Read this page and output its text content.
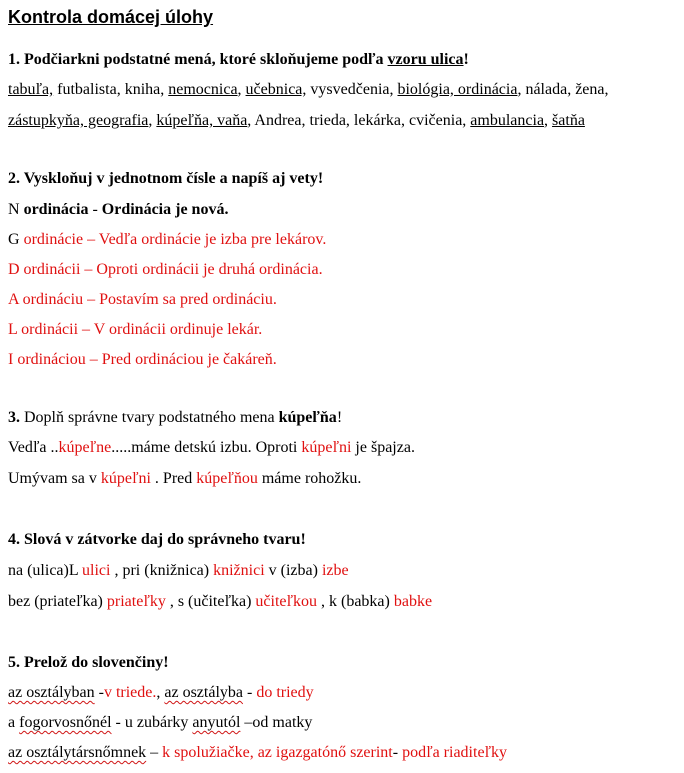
Kontrola domácej úlohy
1. Podčiarkni podstatné mená, ktoré skloňujeme podľa vzoru ulica!
tabuľa, futbalista, kniha, nemocnica, učebnica, vysvedčenia, biológia, ordinácia, nálada, žena,
zástupkyňa, geografia, kúpeľňa, vaňa, Andrea, trieda, lekárka, cvičenia, ambulancia, šatňa
2. Vyskloňuj v jednotnom čísle a napíš aj vety!
N ordinácia - Ordinácia je nová.
G ordinácie – Vedľa ordinácie je izba pre lekárov.
D ordinácii – Oproti ordinácii je druhá ordinácia.
A ordináciu – Postavím sa pred ordináciu.
L ordinácii – V ordinácii ordinuje lekár.
I ordináciou – Pred ordináciou je čakáreň.
3. Doplň správne tvary podstatného mena kúpeľňa!
Vedľa ..kúpeľne.....máme detskú izbu. Oproti kúpeľni je špajza.
Umývam sa v kúpeľni . Pred kúpeľňou máme rohožku.
4. Slová v zátvorke daj do správneho tvaru!
na (ulica)L ulici , pri (knižnica) knižnici v (izba) izbe
bez (priateľka) priateľky , s (učiteľka) učiteľkou , k (babka) babke
5. Prelož do slovenčiny!
az osztályban -v triede., az osztályba - do triedy
a fogorvosnőnél - u zubárky anyutól –od matky
az osztálytársnőmnek – k spolužiačke, az igazgatónő szerint- podľa riaditeľky
